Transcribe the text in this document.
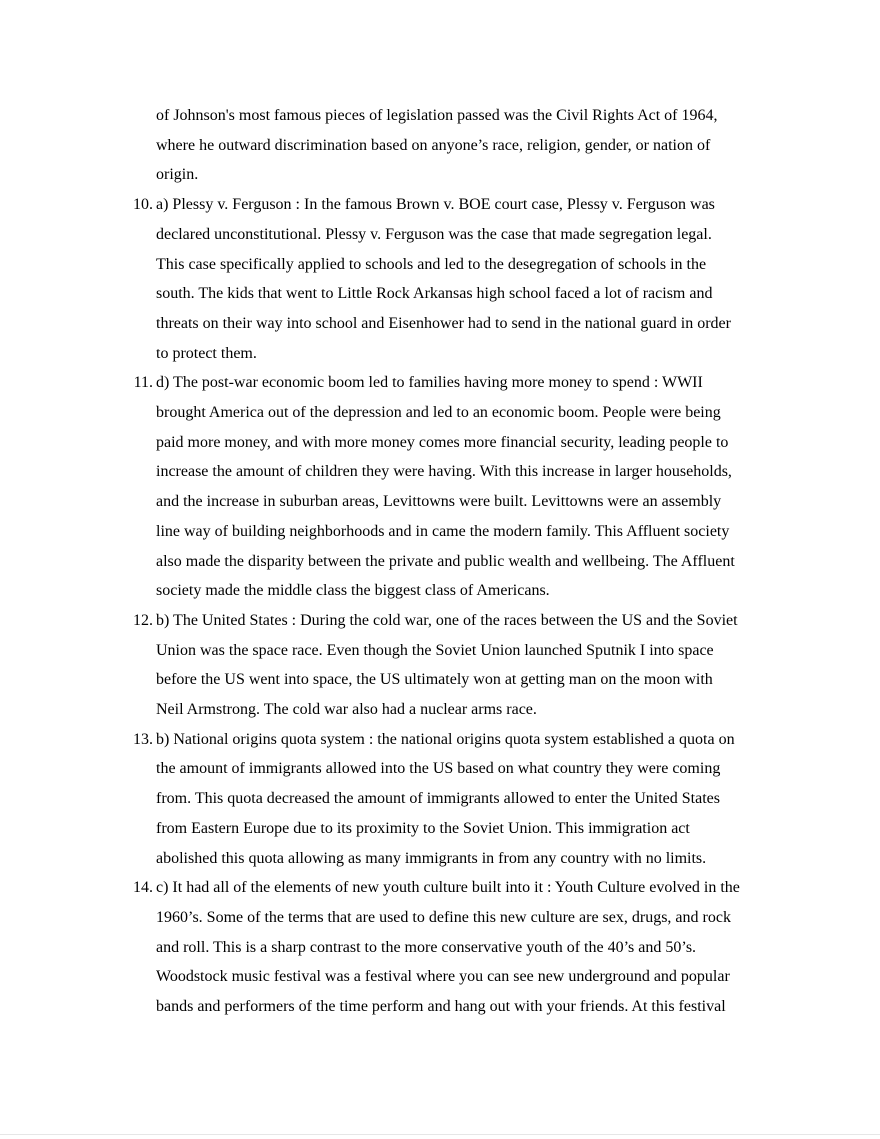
of Johnson's most famous pieces of legislation passed was the Civil Rights Act of 1964,
where he outward discrimination based on anyone’s race, religion, gender, or nation of
origin.
10. a) Plessy v. Ferguson : In the famous Brown v. BOE court case, Plessy v. Ferguson was
declared unconstitutional. Plessy v. Ferguson was the case that made segregation legal.
This case specifically applied to schools and led to the desegregation of schools in the
south. The kids that went to Little Rock Arkansas high school faced a lot of racism and
threats on their way into school and Eisenhower had to send in the national guard in order
to protect them.
11. d) The post-war economic boom led to families having more money to spend : WWII
brought America out of the depression and led to an economic boom. People were being
paid more money, and with more money comes more financial security, leading people to
increase the amount of children they were having. With this increase in larger households,
and the increase in suburban areas, Levittowns were built. Levittowns were an assembly
line way of building neighborhoods and in came the modern family. This Affluent society
also made the disparity between the private and public wealth and wellbeing. The Affluent
society made the middle class the biggest class of Americans.
12. b) The United States : During the cold war, one of the races between the US and the Soviet
Union was the space race. Even though the Soviet Union launched Sputnik I into space
before the US went into space, the US ultimately won at getting man on the moon with
Neil Armstrong. The cold war also had a nuclear arms race.
13. b) National origins quota system : the national origins quota system established a quota on
the amount of immigrants allowed into the US based on what country they were coming
from. This quota decreased the amount of immigrants allowed to enter the United States
from Eastern Europe due to its proximity to the Soviet Union. This immigration act
abolished this quota allowing as many immigrants in from any country with no limits.
14. c) It had all of the elements of new youth culture built into it : Youth Culture evolved in the
1960’s. Some of the terms that are used to define this new culture are sex, drugs, and rock
and roll. This is a sharp contrast to the more conservative youth of the 40’s and 50’s.
Woodstock music festival was a festival where you can see new underground and popular
bands and performers of the time perform and hang out with your friends. At this festival
